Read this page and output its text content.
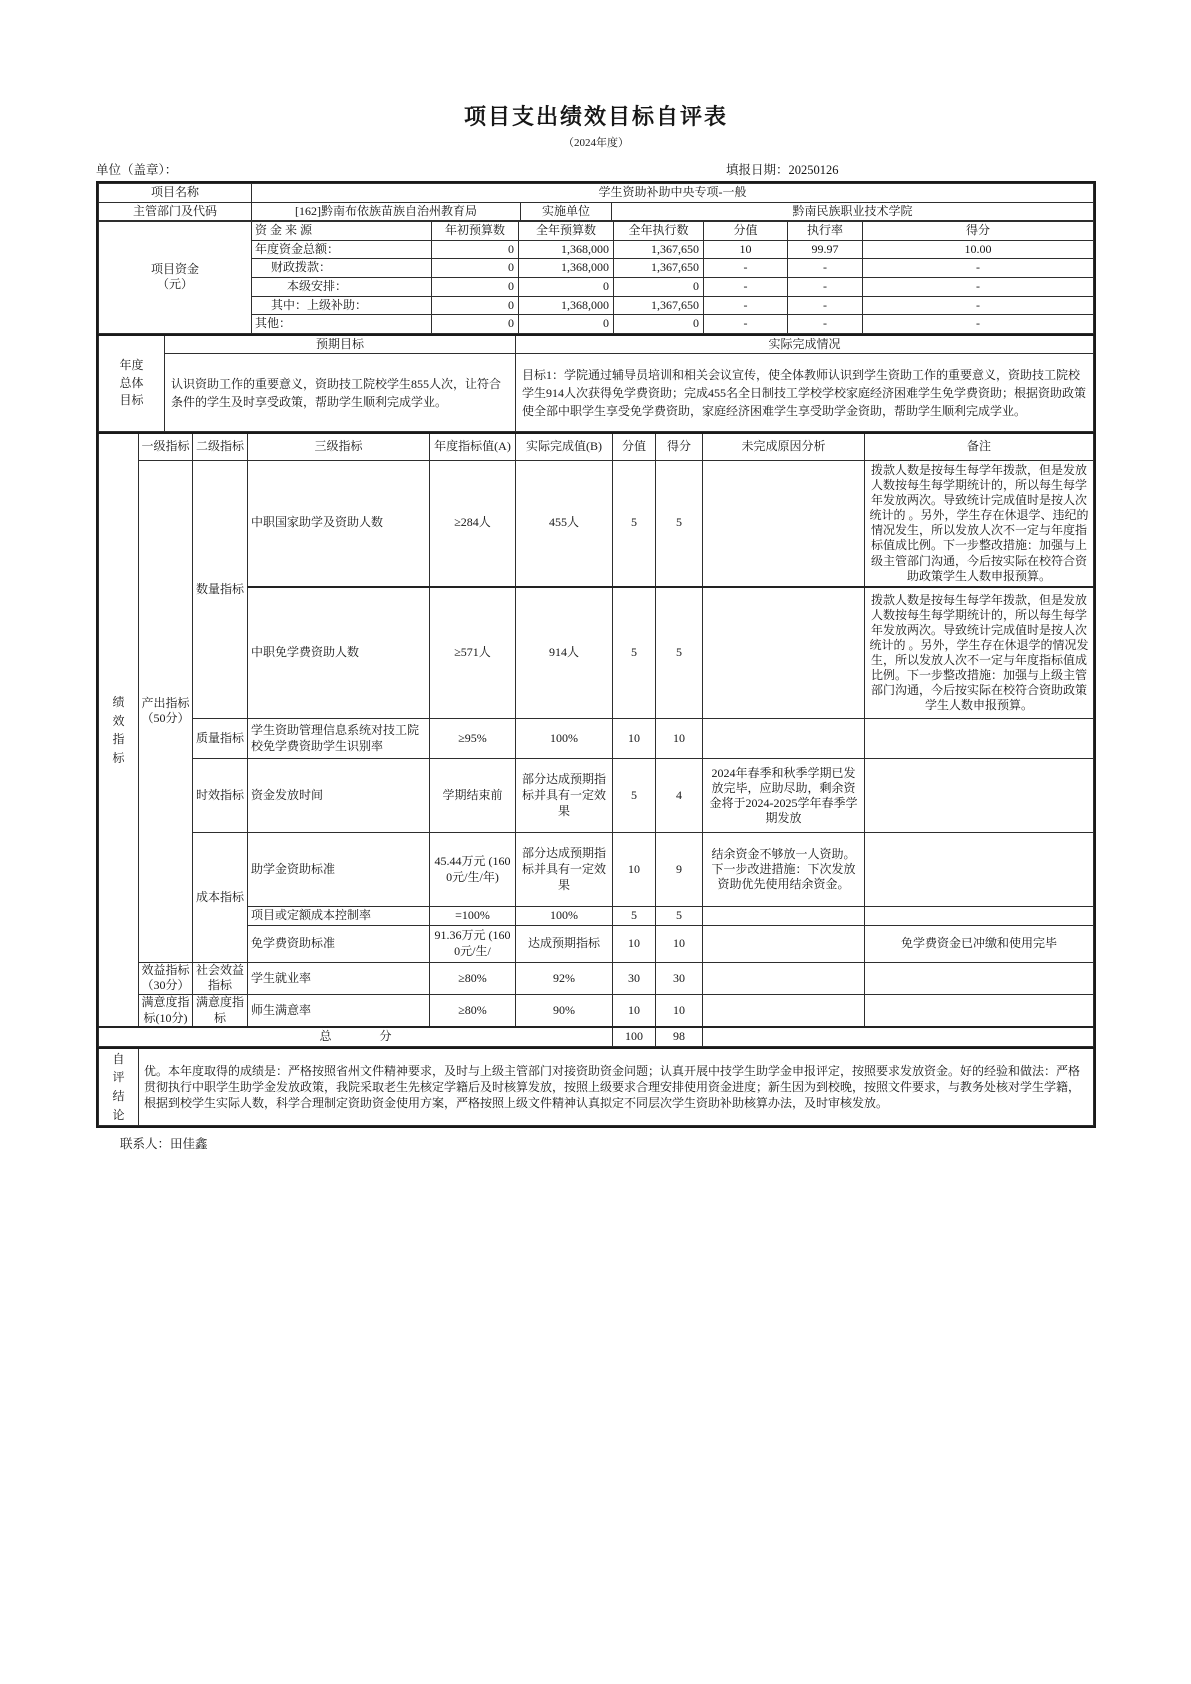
项目支出绩效目标自评表
（2024年度）
单位（盖章）：	填报日期：20250126
项目名称	学生资助补助中央专项-一般		
主管部门及代码	[162]黔南布依族苗族自治州教育局	实施单位	黔南民族职业技术学院
项目资金（元）	资 金 来 源	年初预算数	全年预算数	全年执行数	分值	执行率	得分
	年度资金总额：	0	1,368,000	1,367,650	10	99.97	10.00
	财政拨款：	0	1,368,000	1,367,650	-	-	-
	本级安排：	0	0	0	-	-	-
	其中：上级补助：	0	1,368,000	1,367,650	-	-	-
	其他：	0	0	0	-	-	-
年度总体目标	预期目标	实际完成情况
	认识资助工作的重要意义，资助技工院校学生855人次，让符合条件的学生及时享受政策，帮助学生顺利完成学业。	目标1：学院通过辅导员培训和相关会议宣传，使全体教师认识到学生资助工作的重要意义，资助技工院校学生914人次获得免学费资助；完成455名全日制技工学校学校家庭经济困难学生免学费资助；根据资助政策使全部中职学生享受免学费资助，家庭经济困难学生享受助学金资助，帮助学生顺利完成学业。
绩效指标	一级指标	二级指标	三级指标	年度指标值(A)	实际完成值(B)	分值	得分	未完成原因分析	备注
	产出指标（50分）	数量指标	中职国家助学及资助人数	≥284人	455人	5	5		拨款人数是按每生每学年拨款，但是发放人数按每生每学期统计的，所以每生每学年发放两次。导致统计完成值时是按人次统计的 。另外，学生存在休退学、违纪的情况发生，所以发放人次不一定与年度指标值成比例。下一步整改措施：加强与上级主管部门沟通，今后按实际在校符合资助政策学生人数申报预算。
			中职免学费资助人数	≥571人	914人	5	5		拨款人数是按每生每学年拨款，但是发放人数按每生每学期统计的，所以每生每学年发放两次。导致统计完成值时是按人次统计的 。另外，学生存在休退学的情况发生，所以发放人次不一定与年度指标值成比例。下一步整改措施：加强与上级主管部门沟通，今后按实际在校符合资助政策学生人数申报预算。
		质量指标	学生资助管理信息系统对技工院校免学费资助学生识别率	≥95%	100%	10	10		
		时效指标	资金发放时间	学期结束前	部分达成预期指标并具有一定效果	5	4	2024年春季和秋季学期已发放完毕，应助尽助，剩余资金将于2024-2025学年春季学期发放	
		成本指标	助学金资助标准	45.44万元 (1600元/生/年)	部分达成预期指标并具有一定效果	10	9	结余资金不够放一人资助。下一步改进措施：下次发放资助优先使用结余资金。	
			项目或定额成本控制率	=100%	100%	5	5		
			免学费资助标准	91.36万元 (1600元/生/	达成预期指标	10	10		免学费资金已冲缴和使用完毕
	效益指标（30分）	社会效益指标	学生就业率	≥80%	92%	30	30		
	满意度指标(10分)	满意度指标	师生满意率	≥80%	90%	10	10		
总　　　　分						100	98		
自评结论	优。本年度取得的成绩是：严格按照省州文件精神要求，及时与上级主管部门对接资助资金问题；认真开展中技学生助学金申报评定，按照要求发放资金。好的经验和做法：严格贯彻执行中职学生助学金发放政策，我院采取老生先核定学籍后及时核算发放，按照上级要求合理安排使用资金进度；新生因为到校晚，按照文件要求，与教务处核对学生学籍，根据到校学生实际人数，科学合理制定资助资金使用方案，严格按照上级文件精神认真拟定不同层次学生资助补助核算办法，及时审核发放。
联系人：田佳鑫
